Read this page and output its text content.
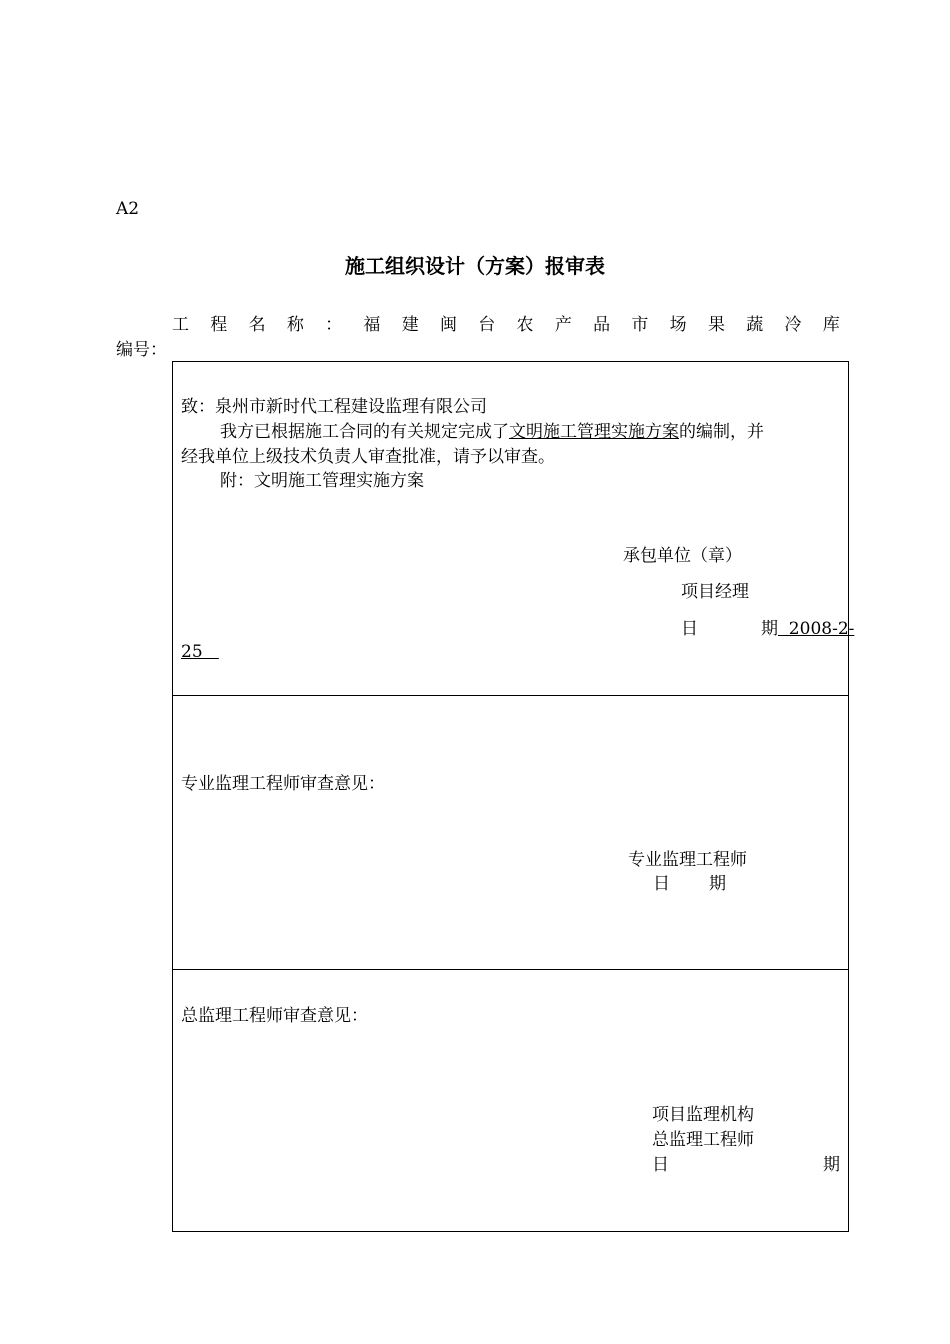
A2
施工组织设计（方案）报审表
工 程 名 称 ： 福 建 闽 台 农 产 品 市 场 果 蔬 冷 库
编号：
致：泉州市新时代工程建设监理有限公司
我方已根据施工合同的有关规定完成了文明施工管理实施方案的编制，并
经我单位上级技术负责人审查批准，请予以审查。
附：文明施工管理实施方案
承包单位（章）
项目经理
日	期  2008-2-
25
专业监理工程师审查意见：
专业监理工程师
日 期
总监理工程师审查意见：
项目监理机构
总监理工程师
日	期
